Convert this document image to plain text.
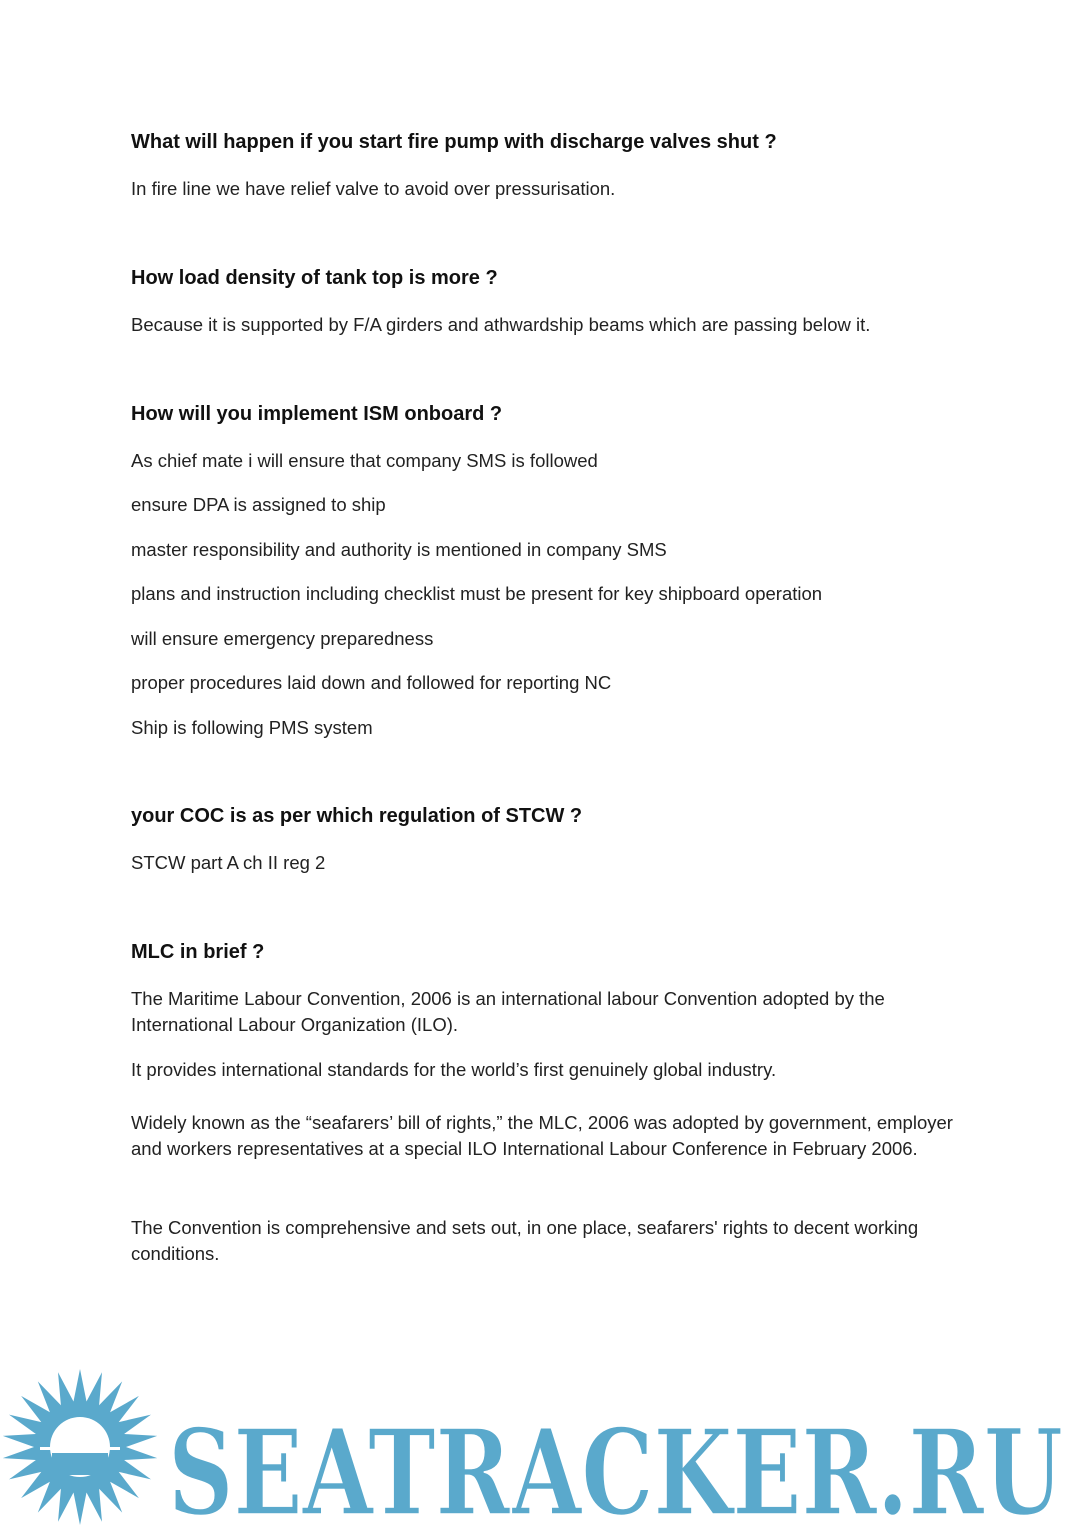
What will happen if you start fire pump with discharge valves shut ?

In fire line we have relief valve to avoid over pressurisation.

How load density of tank top is more ?

Because it is supported by F/A girders and athwardship beams which are passing below it.

How will you implement ISM onboard ?

As chief mate i will ensure that company SMS is followed

ensure DPA is assigned to ship

master responsibility and authority is mentioned in company SMS

plans and instruction including checklist must be present for key shipboard operation

will ensure emergency preparedness

proper procedures laid down and followed for reporting NC

Ship is following PMS system

your COC is as per which regulation of STCW ?

STCW part A ch II reg 2

MLC in brief ?

The Maritime Labour Convention, 2006 is an international labour Convention adopted by the International Labour Organization (ILO).

It provides international standards for the world’s first genuinely global industry.

Widely known as the “seafarers’ bill of rights,” the MLC, 2006 was adopted by government, employer and workers representatives at a special ILO International Labour Conference in February 2006.

The Convention is comprehensive and sets out, in one place, seafarers' rights to decent working conditions.

SEATRACKER.RU
